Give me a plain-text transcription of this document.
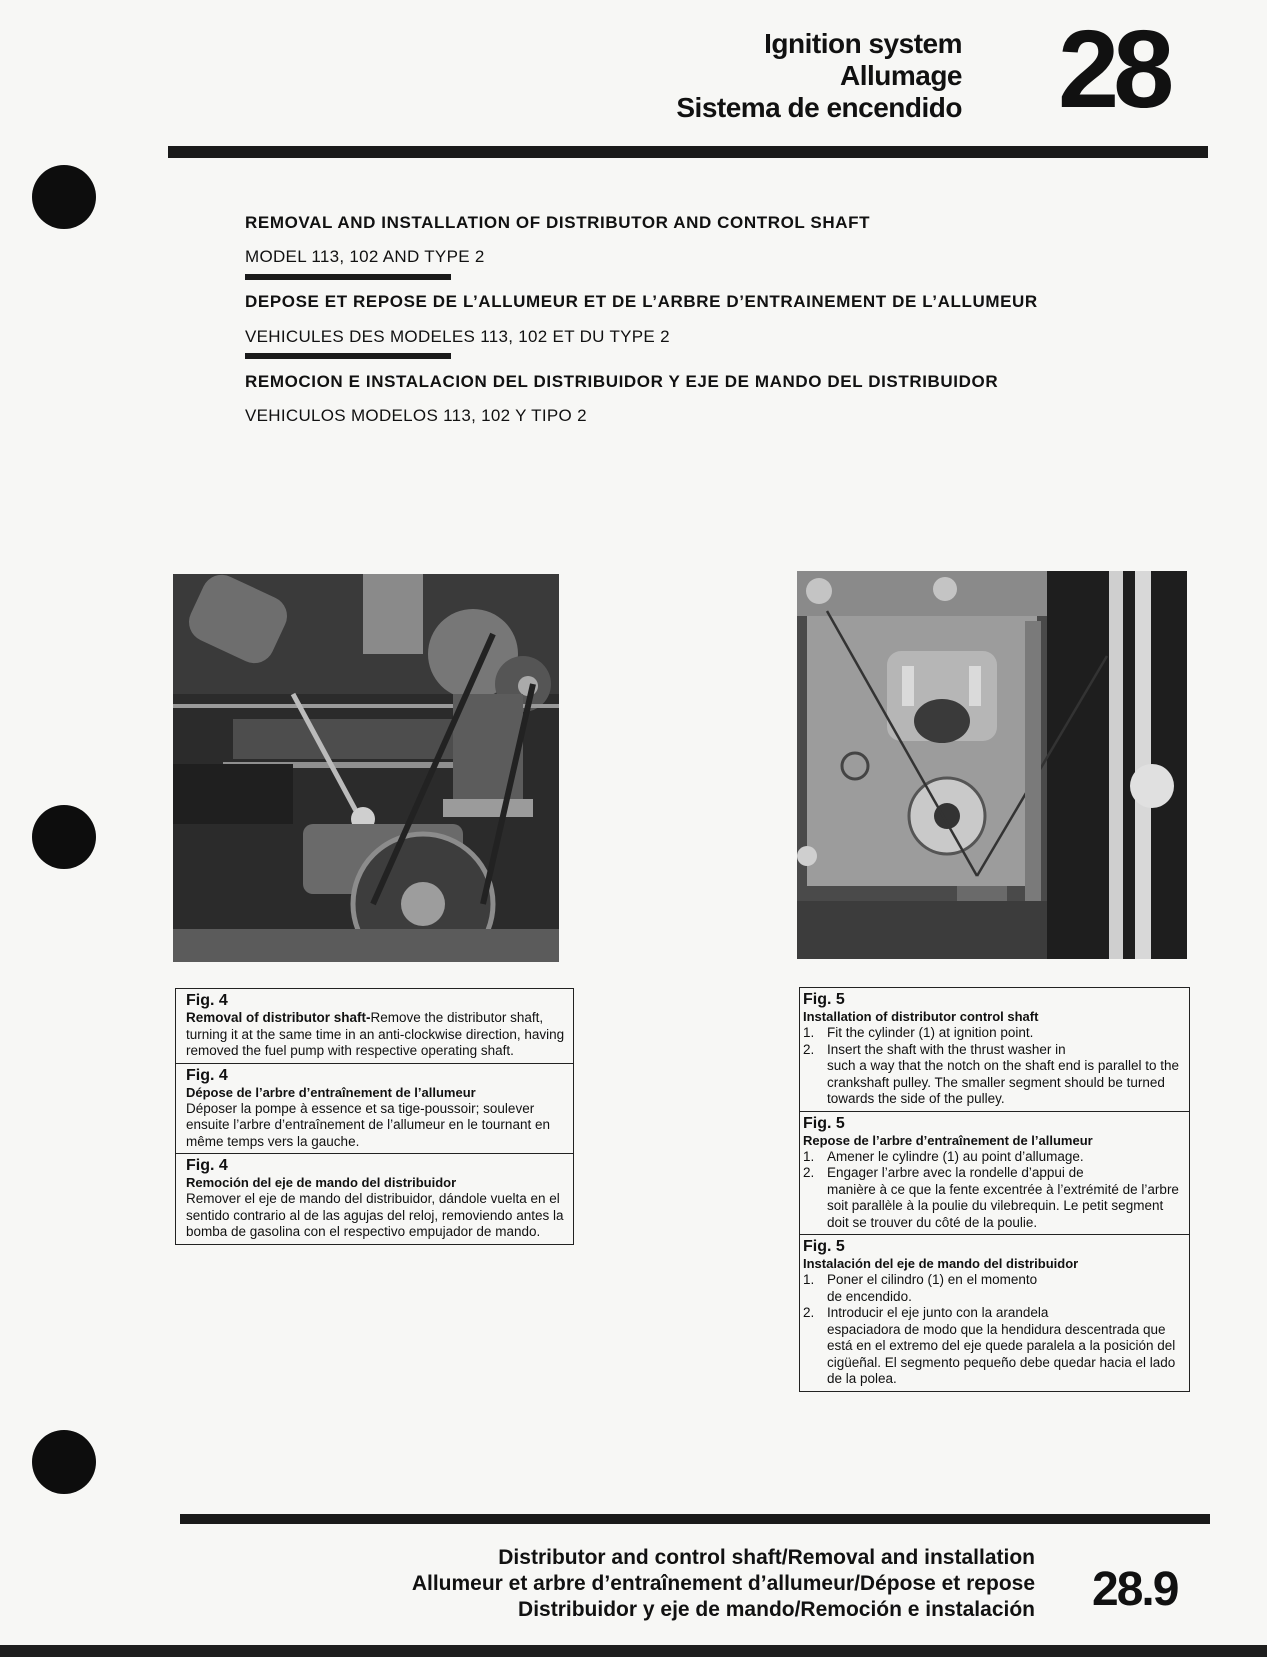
Ignition system
Allumage
Sistema de encendido 28
REMOVAL AND INSTALLATION OF DISTRIBUTOR AND CONTROL SHAFT
MODEL 113, 102 AND TYPE 2
DEPOSE ET REPOSE DE L’ALLUMEUR ET DE L’ARBRE D’ENTRAINEMENT DE L’ALLUMEUR
VEHICULES DES MODELES 113, 102 ET DU TYPE 2
REMOCION E INSTALACION DEL DISTRIBUIDOR Y EJE DE MANDO DEL DISTRIBUIDOR
VEHICULOS MODELOS 113, 102 Y TIPO 2
Fig. 4
Removal of distributor shaft-Remove the distributor shaft, turning it at the same time in an anti-clockwise direction, having removed the fuel pump with respective operating shaft.
Fig. 4
Dépose de l’arbre d’entraînement de l’allumeur
Déposer la pompe à essence et sa tige-poussoir; soulever ensuite l’arbre d’entraînement de l’allumeur en le tournant en même temps vers la gauche.
Fig. 4
Remoción del eje de mando del distribuidor
Remover el eje de mando del distribuidor, dándole vuelta en el sentido contrario al de las agujas del reloj, removiendo antes la bomba de gasolina con el respectivo empujador de mando.
Fig. 5
Installation of distributor control shaft
1. Fit the cylinder (1) at ignition point.
2. Insert the shaft with the thrust washer in
such a way that the notch on the shaft end is parallel to the crankshaft pulley. The smaller segment should be turned towards the side of the pulley.
Fig. 5
Repose de l’arbre d’entraînement de l’allumeur
1. Amener le cylindre (1) au point d’allumage.
2. Engager l’arbre avec la rondelle d’appui de
manière à ce que la fente excentrée à l’extrémité de l’arbre soit parallèle à la poulie du vilebrequin. Le petit segment doit se trouver du côté de la poulie.
Fig. 5
Instalación del eje de mando del distribuidor
1. Poner el cilindro (1) en el momento
de encendido.
2. Introducir el eje junto con la arandela
espaciadora de modo que la hendidura descentrada que está en el extremo del eje quede paralela a la posición del cigüeñal. El segmento pequeño debe quedar hacia el lado de la polea.
Distributor and control shaft/Removal and installation
Allumeur et arbre d’entraînement d’allumeur/Dépose et repose
Distribuidor y eje de mando/Remoción e instalación 28.9
